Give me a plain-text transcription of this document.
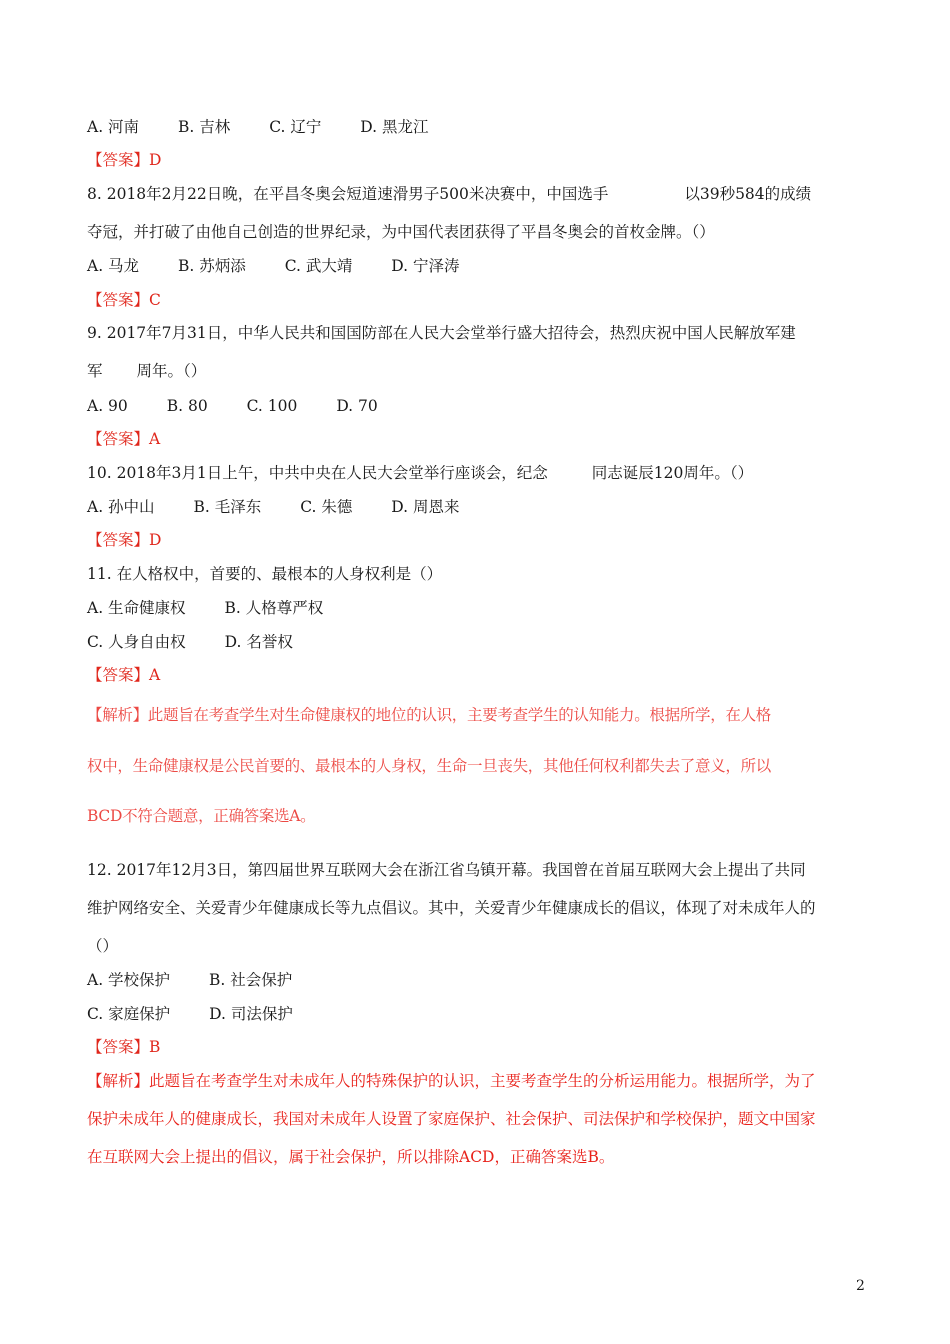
A. 河南	B. 吉林	C. 辽宁	D. 黑龙江
【答案】D
8. 2018年2月22日晚，在平昌冬奥会短道速滑男子500米决赛中，中国选手	以39秒584的成绩
夺冠，并打破了由他自己创造的世界纪录，为中国代表团获得了平昌冬奥会的首枚金牌。（）
A. 马龙	B. 苏炳添	C. 武大靖	D. 宁泽涛
【答案】C
9. 2017年7月31日，中华人民共和国国防部在人民大会堂举行盛大招待会，热烈庆祝中国人民解放军建
军 周年。（）
A. 90	B. 80	C. 100	D. 70
【答案】A
10. 2018年3月1日上午，中共中央在人民大会堂举行座谈会，纪念	同志诞辰120周年。（）
A. 孙中山	B. 毛泽东	C. 朱德	D. 周恩来
【答案】D
11. 在人格权中，首要的、最根本的人身权利是（）
A. 生命健康权	B. 人格尊严权
C. 人身自由权	D. 名誉权
【答案】A
【解析】此题旨在考查学生对生命健康权的地位的认识，主要考查学生的认知能力。根据所学，在人格
权中，生命健康权是公民首要的、最根本的人身权，生命一旦丧失，其他任何权利都失去了意义，所以
BCD不符合题意，正确答案选A。
12. 2017年12月3日，第四届世界互联网大会在浙江省乌镇开幕。我国曾在首届互联网大会上提出了共同
维护网络安全、关爱青少年健康成长等九点倡议。其中，关爱青少年健康成长的倡议，体现了对未成年人的
（）
A. 学校保护	B. 社会保护
C. 家庭保护	D. 司法保护
【答案】B
【解析】此题旨在考查学生对未成年人的特殊保护的认识，主要考查学生的分析运用能力。根据所学，为了
保护未成年人的健康成长，我国对未成年人设置了家庭保护、社会保护、司法保护和学校保护，题文中国家
在互联网大会上提出的倡议，属于社会保护，所以排除ACD，正确答案选B。
2
